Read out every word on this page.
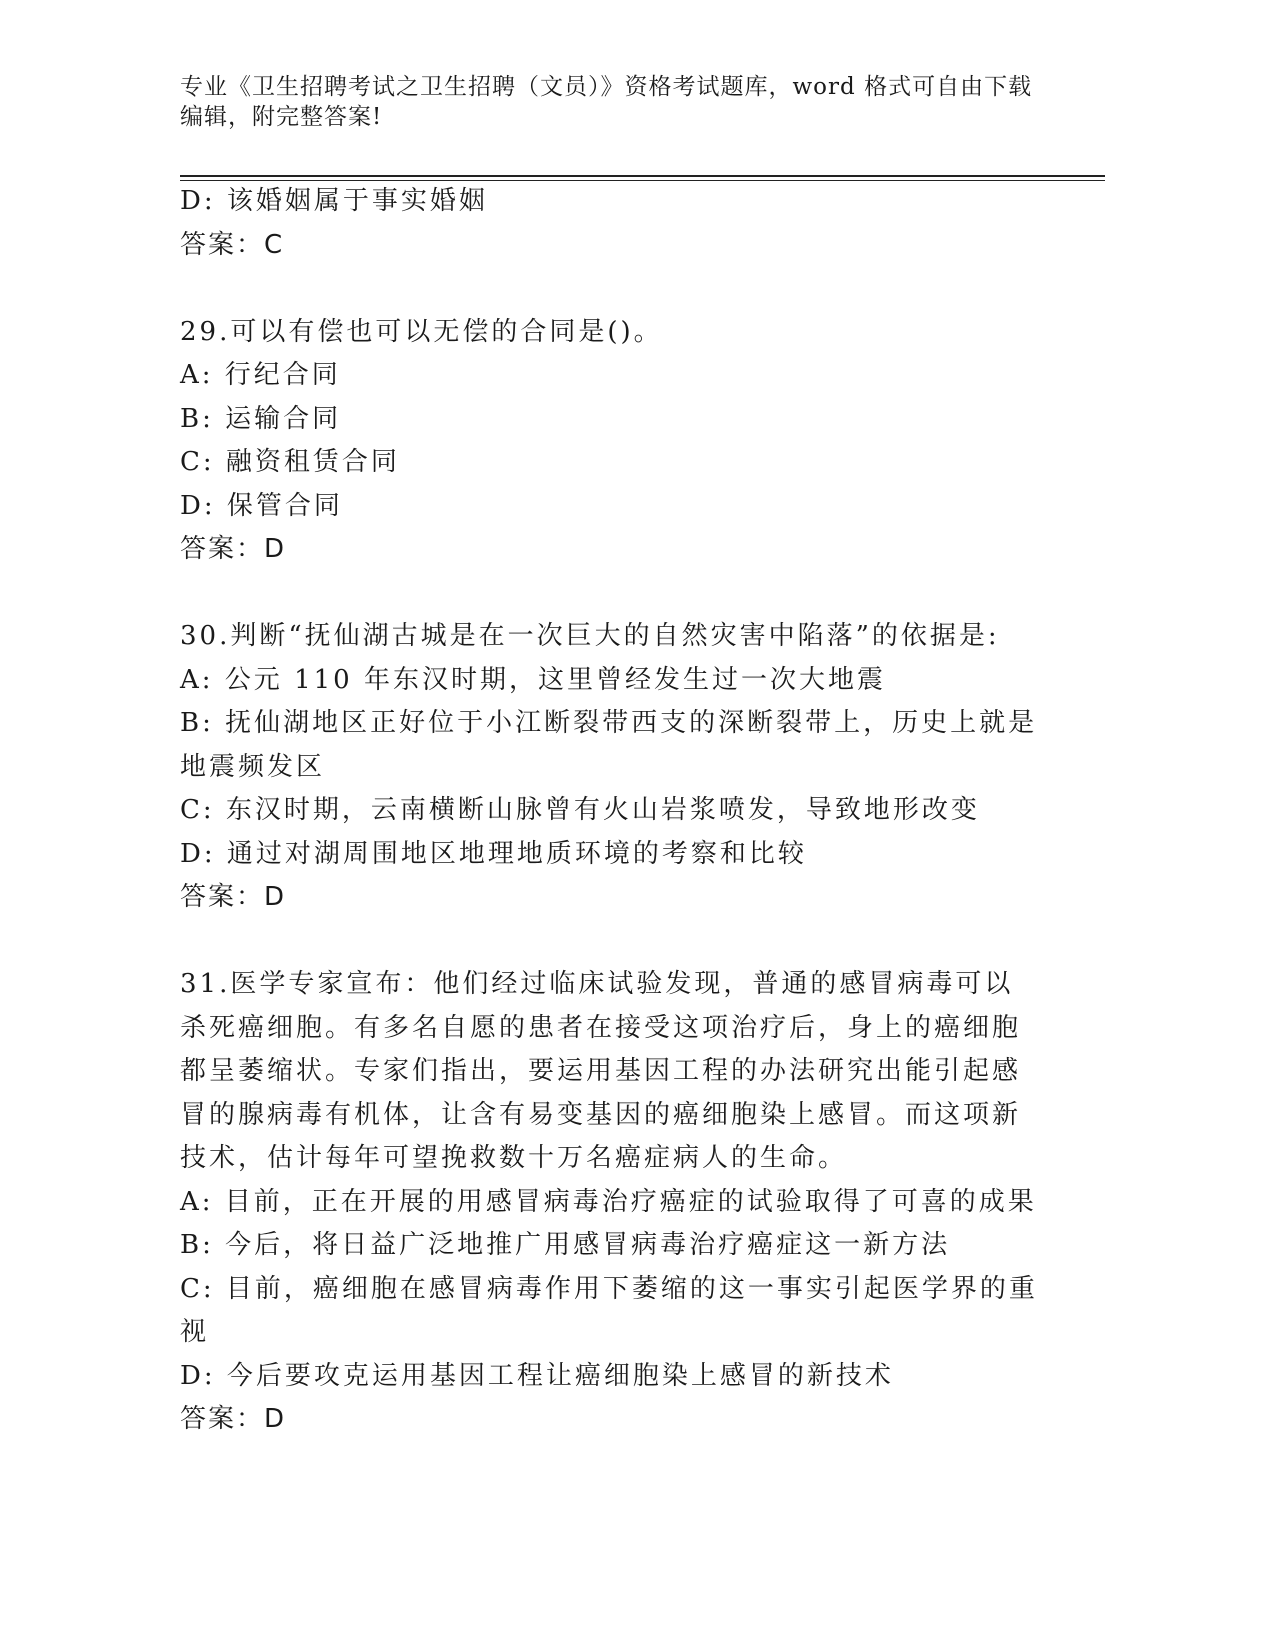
专业《卫生招聘考试之卫生招聘（文员）》资格考试题库，word 格式可自由下载
编辑，附完整答案!
D: 该婚姻属于事实婚姻
答案：C
29.可以有偿也可以无偿的合同是()。
A: 行纪合同
B: 运输合同
C: 融资租赁合同
D: 保管合同
答案：D
30.判断“抚仙湖古城是在一次巨大的自然灾害中陷落”的依据是:
A: 公元 110 年东汉时期，这里曾经发生过一次大地震
B: 抚仙湖地区正好位于小江断裂带西支的深断裂带上，历史上就是地震频发区
C: 东汉时期，云南横断山脉曾有火山岩浆喷发，导致地形改变
D: 通过对湖周围地区地理地质环境的考察和比较
答案：D
31.医学专家宣布：他们经过临床试验发现，普通的感冒病毒可以杀死癌细胞。有多名自愿的患者在接受这项治疗后，身上的癌细胞都呈萎缩状。专家们指出，要运用基因工程的办法研究出能引起感冒的腺病毒有机体，让含有易变基因的癌细胞染上感冒。而这项新技术，估计每年可望挽救数十万名癌症病人的生命。
A: 目前，正在开展的用感冒病毒治疗癌症的试验取得了可喜的成果
B: 今后，将日益广泛地推广用感冒病毒治疗癌症这一新方法
C: 目前，癌细胞在感冒病毒作用下萎缩的这一事实引起医学界的重视
D: 今后要攻克运用基因工程让癌细胞染上感冒的新技术
答案：D
